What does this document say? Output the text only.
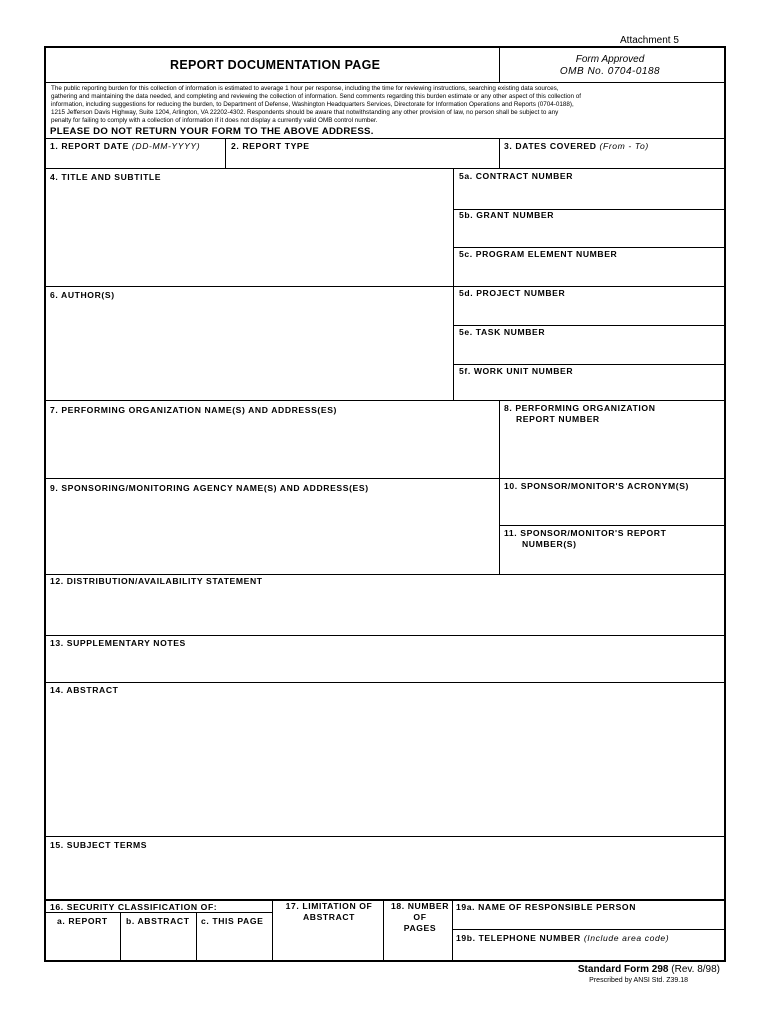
Attachment 5
REPORT DOCUMENTATION PAGE	Form Approved
OMB No. 0704-0188
The public reporting burden for this collection of information is estimated to average 1 hour per response, including the time for reviewing instructions, searching existing data sources,
gathering and maintaining the data needed, and completing and reviewing the collection of information. Send comments regarding this burden estimate or any other aspect of this collection of
information, including suggestions for reducing the burden, to Department of Defense, Washington Headquarters Services, Directorate for Information Operations and Reports (0704-0188),
1215 Jefferson Davis Highway, Suite 1204, Arlington, VA 22202-4302. Respondents should be aware that notwithstanding any other provision of law, no person shall be subject to any
penalty for failing to comply with a collection of information if it does not display a currently valid OMB control number.
PLEASE DO NOT RETURN YOUR FORM TO THE ABOVE ADDRESS.
1. REPORT DATE (DD-MM-YYYY)	2. REPORT TYPE	3. DATES COVERED (From - To)
4. TITLE AND SUBTITLE	5a. CONTRACT NUMBER
5b. GRANT NUMBER
5c. PROGRAM ELEMENT NUMBER
6. AUTHOR(S)	5d. PROJECT NUMBER
5e. TASK NUMBER
5f. WORK UNIT NUMBER
7. PERFORMING ORGANIZATION NAME(S) AND ADDRESS(ES)	8. PERFORMING ORGANIZATION
REPORT NUMBER
9. SPONSORING/MONITORING AGENCY NAME(S) AND ADDRESS(ES)	10. SPONSOR/MONITOR'S ACRONYM(S)
11. SPONSOR/MONITOR'S REPORT
NUMBER(S)
12. DISTRIBUTION/AVAILABILITY STATEMENT
13. SUPPLEMENTARY NOTES
14. ABSTRACT
15. SUBJECT TERMS
16. SECURITY CLASSIFICATION OF:
a. REPORT b. ABSTRACT c. THIS PAGE
17. LIMITATION OF
ABSTRACT
18. NUMBER
OF
PAGES
19a. NAME OF RESPONSIBLE PERSON
19b. TELEPHONE NUMBER (Include area code)
Standard Form 298 (Rev. 8/98)
Prescribed by ANSI Std. Z39.18
